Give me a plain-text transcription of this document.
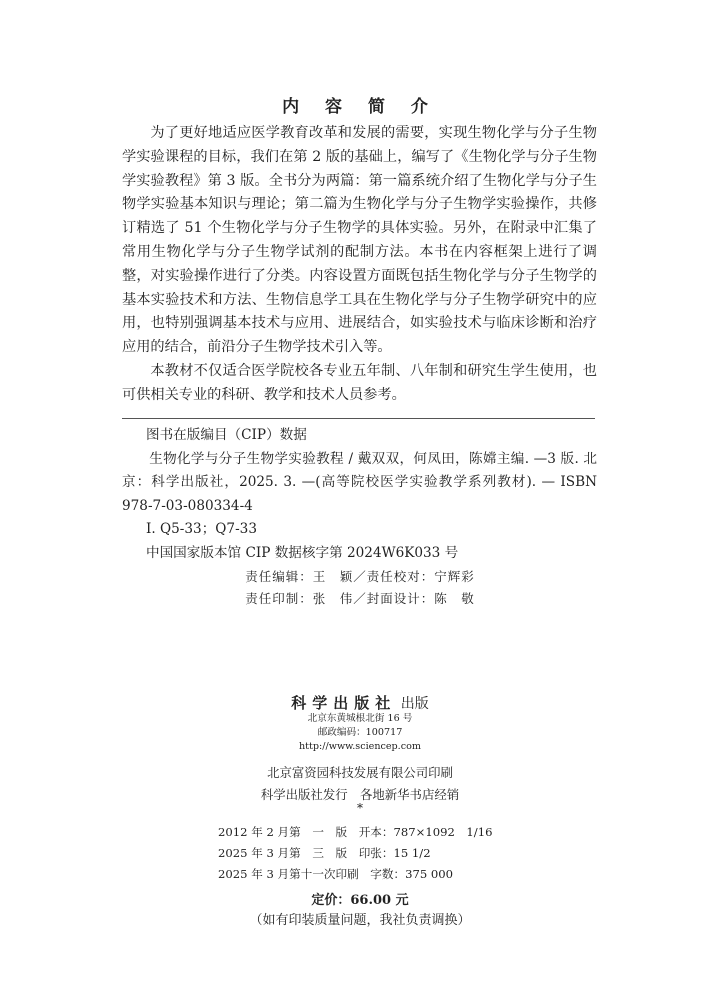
内 容 简 介

为了更好地适应医学教育改革和发展的需要，实现生物化学与分子生物学实验课程的目标，我们在第 2 版的基础上，编写了《生物化学与分子生物学实验教程》第 3 版。全书分为两篇：第一篇系统介绍了生物化学与分子生物学实验基本知识与理论；第二篇为生物化学与分子生物学实验操作，共修订精选了 51 个生物化学与分子生物学的具体实验。另外，在附录中汇集了常用生物化学与分子生物学试剂的配制方法。本书在内容框架上进行了调整，对实验操作进行了分类。内容设置方面既包括生物化学与分子生物学的基本实验技术和方法、生物信息学工具在生物化学与分子生物学研究中的应用，也特别强调基本技术与应用、进展结合，如实验技术与临床诊断和治疗应用的结合，前沿分子生物学技术引入等。

本教材不仅适合医学院校各专业五年制、八年制和研究生学生使用，也可供相关专业的科研、教学和技术人员参考。

图书在版编目（CIP）数据
生物化学与分子生物学实验教程 / 戴双双，何凤田，陈嫦主编. —3 版. 北京：科学出版社，2025. 3. —(高等院校医学实验教学系列教材). — ISBN 978-7-03-080334-4
Ⅰ. Q5-33；Q7-33
中国国家版本馆 CIP 数据核字第 2024W6K033 号
责任编辑：王　颖／责任校对：宁辉彩
责任印制：张　伟／封面设计：陈　敬
科学出版社 出版
北京东黄城根北街 16 号
邮政编码：100717
http://www.sciencep.com
北京富资园科技发展有限公司印刷
科学出版社发行　各地新华书店经销
*
2012 年 2 月第　一　版　开本：787×1092　1/16
2025 年 3 月第　三　版　印张：15 1/2
2025 年 3 月第十一次印刷　字数：375 000
定价：66.00 元
（如有印装质量问题，我社负责调换）
